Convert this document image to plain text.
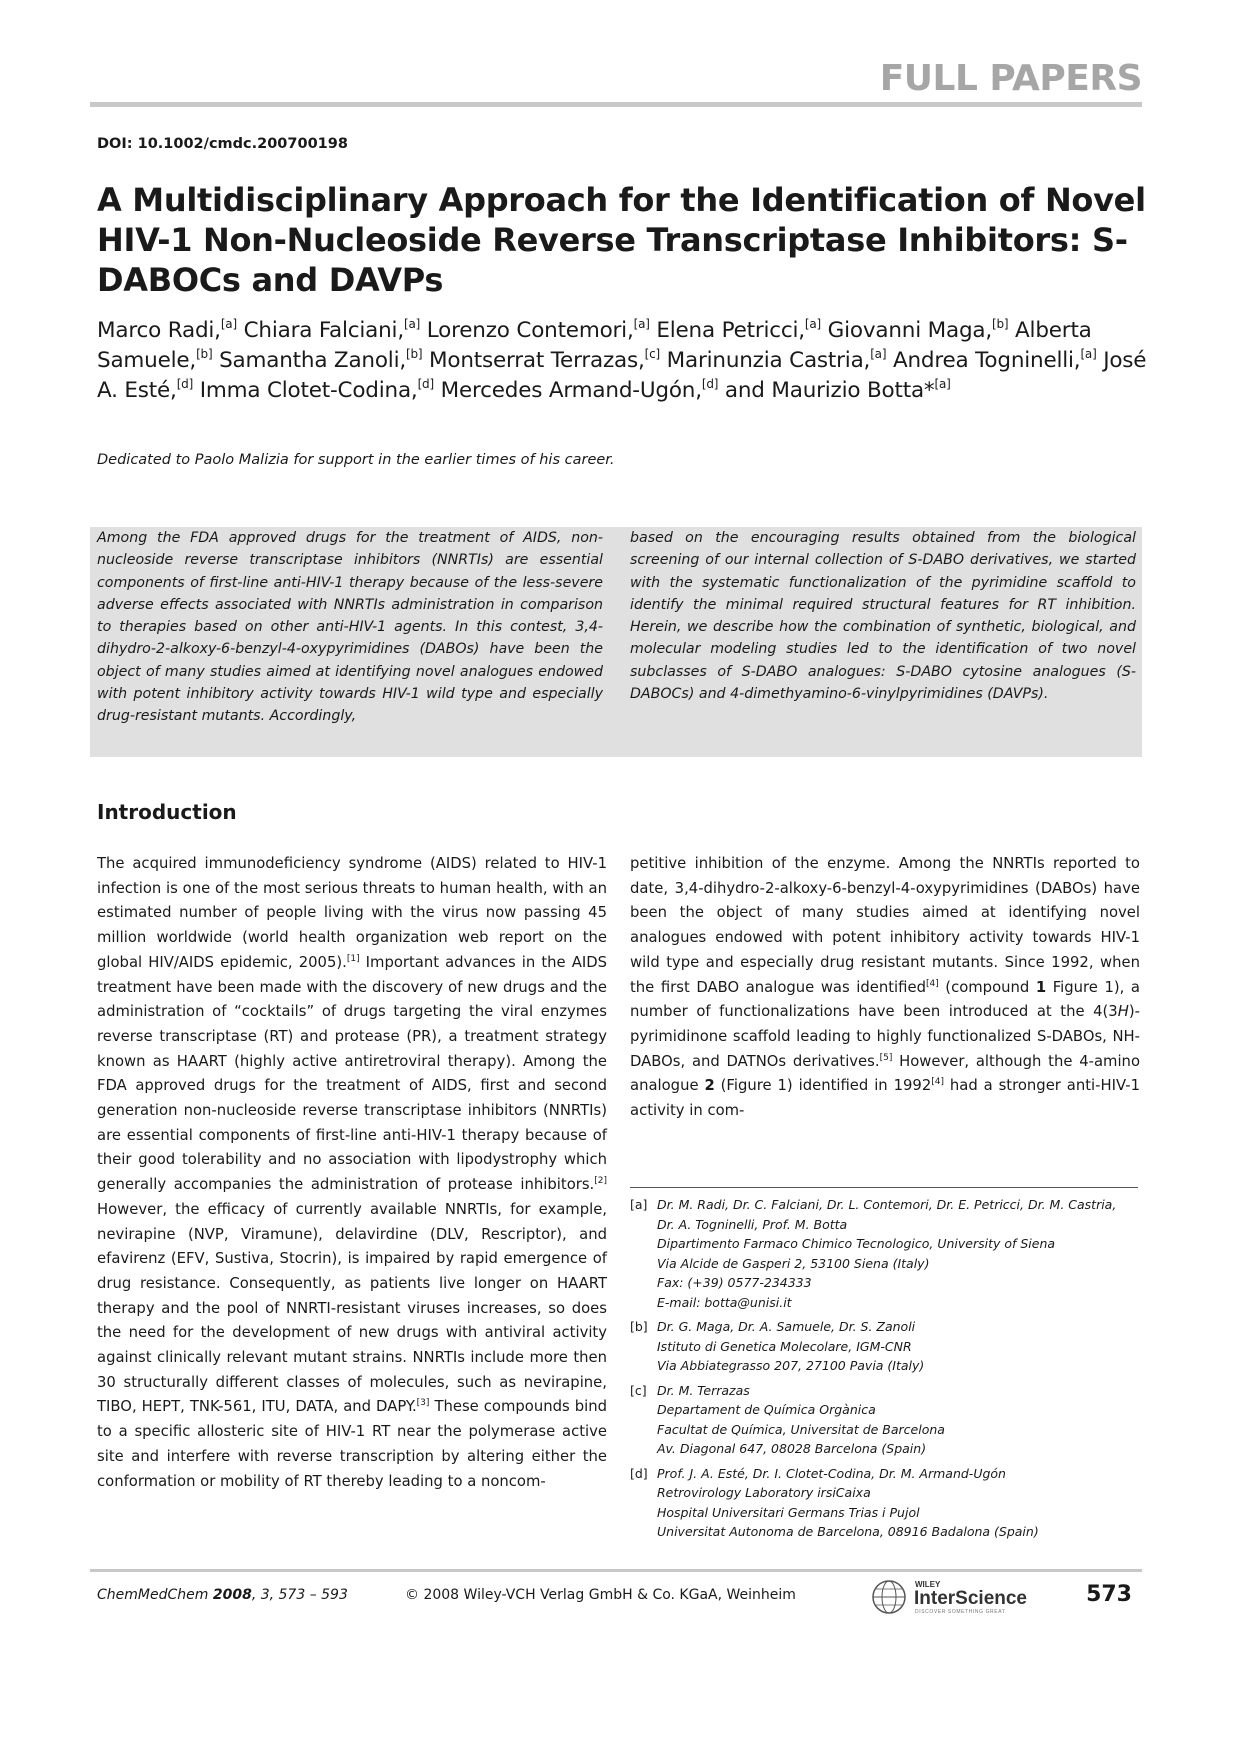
FULL PAPERS
DOI: 10.1002/cmdc.200700198
A Multidisciplinary Approach for the Identification of Novel HIV-1 Non-Nucleoside Reverse Transcriptase Inhibitors: S-DABOCs and DAVPs
Marco Radi,[a] Chiara Falciani,[a] Lorenzo Contemori,[a] Elena Petricci,[a] Giovanni Maga,[b] Alberta Samuele,[b] Samantha Zanoli,[b] Montserrat Terrazas,[c] Marinunzia Castria,[a] Andrea Togninelli,[a] José A. Esté,[d] Imma Clotet-Codina,[d] Mercedes Armand-Ugón,[d] and Maurizio Botta*[a]
Dedicated to Paolo Malizia for support in the earlier times of his career.
Among the FDA approved drugs for the treatment of AIDS, non-nucleoside reverse transcriptase inhibitors (NNRTIs) are essential components of first-line anti-HIV-1 therapy because of the less-severe adverse effects associated with NNRTIs administration in comparison to therapies based on other anti-HIV-1 agents. In this contest, 3,4-dihydro-2-alkoxy-6-benzyl-4-oxypyrimidines (DABOs) have been the object of many studies aimed at identifying novel analogues endowed with potent inhibitory activity towards HIV-1 wild type and especially drug-resistant mutants. Accordingly,
based on the encouraging results obtained from the biological screening of our internal collection of S-DABO derivatives, we started with the systematic functionalization of the pyrimidine scaffold to identify the minimal required structural features for RT inhibition. Herein, we describe how the combination of synthetic, biological, and molecular modeling studies led to the identification of two novel subclasses of S-DABO analogues: S-DABO cytosine analogues (S-DABOCs) and 4-dimethyamino-6-vinylpyrimidines (DAVPs).
Introduction
The acquired immunodeficiency syndrome (AIDS) related to HIV-1 infection is one of the most serious threats to human health, with an estimated number of people living with the virus now passing 45 million worldwide (world health organization web report on the global HIV/AIDS epidemic, 2005).[1] Important advances in the AIDS treatment have been made with the discovery of new drugs and the administration of “cocktails” of drugs targeting the viral enzymes reverse transcriptase (RT) and protease (PR), a treatment strategy known as HAART (highly active antiretroviral therapy). Among the FDA approved drugs for the treatment of AIDS, first and second generation non-nucleoside reverse transcriptase inhibitors (NNRTIs) are essential components of first-line anti-HIV-1 therapy because of their good tolerability and no association with lipodystrophy which generally accompanies the administration of protease inhibitors.[2] However, the efficacy of currently available NNRTIs, for example, nevirapine (NVP, Viramune), delavirdine (DLV, Rescriptor), and efavirenz (EFV, Sustiva, Stocrin), is impaired by rapid emergence of drug resistance. Consequently, as patients live longer on HAART therapy and the pool of NNRTI-resistant viruses increases, so does the need for the development of new drugs with antiviral activity against clinically relevant mutant strains. NNRTIs include more then 30 structurally different classes of molecules, such as nevirapine, TIBO, HEPT, TNK-561, ITU, DATA, and DAPY.[3] These compounds bind to a specific allosteric site of HIV-1 RT near the polymerase active site and interfere with reverse transcription by altering either the conformation or mobility of RT thereby leading to a noncom-
petitive inhibition of the enzyme. Among the NNRTIs reported to date, 3,4-dihydro-2-alkoxy-6-benzyl-4-oxypyrimidines (DABOs) have been the object of many studies aimed at identifying novel analogues endowed with potent inhibitory activity towards HIV-1 wild type and especially drug resistant mutants. Since 1992, when the first DABO analogue was identified[4] (compound 1 Figure 1), a number of functionalizations have been introduced at the 4(3H)-pyrimidinone scaffold leading to highly functionalized S-DABOs, NH-DABOs, and DATNOs derivatives.[5] However, although the 4-amino analogue 2 (Figure 1) identified in 1992[4] had a stronger anti-HIV-1 activity in com-
[a] Dr. M. Radi, Dr. C. Falciani, Dr. L. Contemori, Dr. E. Petricci, Dr. M. Castria,
Dr. A. Togninelli, Prof. M. Botta
Dipartimento Farmaco Chimico Tecnologico, University of Siena
Via Alcide de Gasperi 2, 53100 Siena (Italy)
Fax: (+39) 0577-234333
E-mail: botta@unisi.it
[b] Dr. G. Maga, Dr. A. Samuele, Dr. S. Zanoli
Istituto di Genetica Molecolare, IGM-CNR
Via Abbiategrasso 207, 27100 Pavia (Italy)
[c] Dr. M. Terrazas
Departament de Química Orgànica
Facultat de Química, Universitat de Barcelona
Av. Diagonal 647, 08028 Barcelona (Spain)
[d] Prof. J. A. Esté, Dr. I. Clotet-Codina, Dr. M. Armand-Ugón
Retrovirology Laboratory irsiCaixa
Hospital Universitari Germans Trias i Pujol
Universitat Autonoma de Barcelona, 08916 Badalona (Spain)
ChemMedChem 2008, 3, 573 – 593	© 2008 Wiley-VCH Verlag GmbH & Co. KGaA, Weinheim
WILEY
InterScience
DISCOVER SOMETHING GREAT
573
